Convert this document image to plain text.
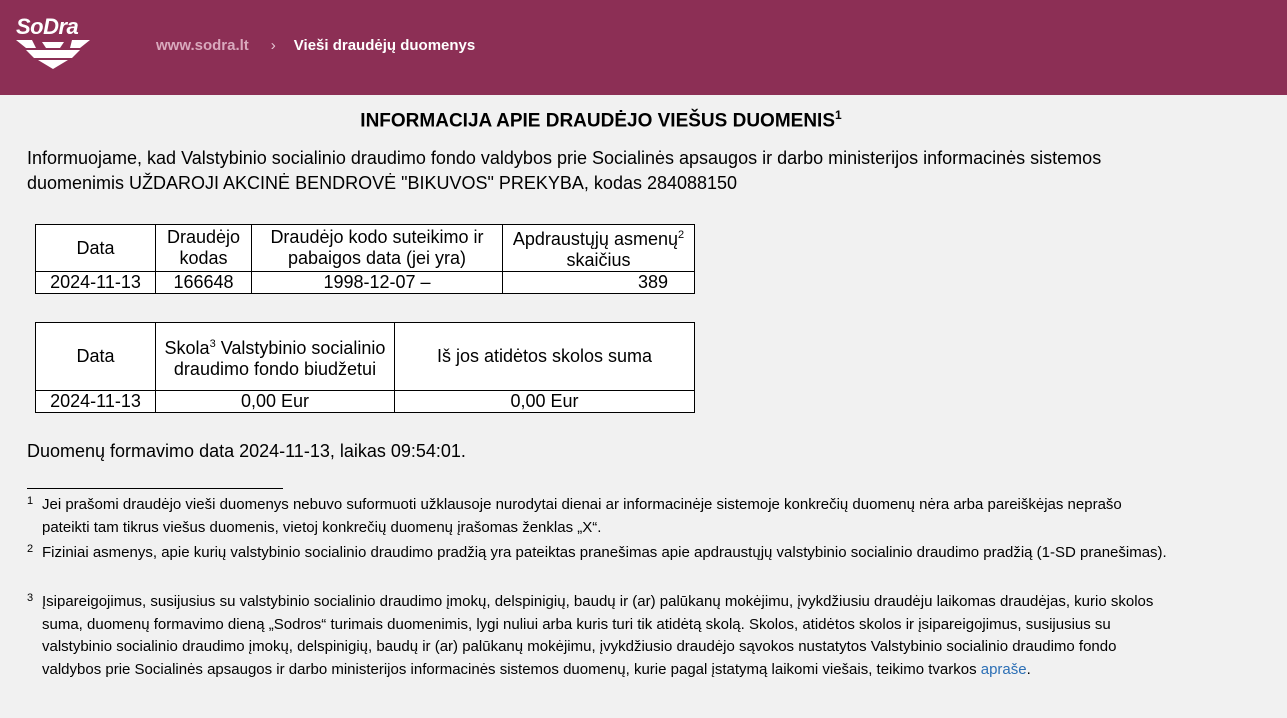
SoDra
www.sodra.lt › Vieši draudėjų duomenys
INFORMACIJA APIE DRAUDĖJO VIEŠUS DUOMENIS$^1$
Informuojame, kad Valstybinio socialinio draudimo fondo valdybos prie Socialinės apsaugos ir darbo ministerijos informacinės sistemos duomenimis UŽDAROJI AKCINĖ BENDROVĖ "BIKUVOS" PREKYBA, kodas 284088150
Data	Draudėjo kodas	Draudėjo kodo suteikimo ir pabaigos data (jei yra)	Apdraustųjų asmenų$^2$ skaičius
2024-11-13	166648	1998-12-07 –	389
Data	Skola$^3$ Valstybinio socialinio draudimo fondo biudžetui	Iš jos atidėtos skolos suma
2024-11-13	0,00 Eur	0,00 Eur
Duomenų formavimo data 2024-11-13, laikas 09:54:01.
1 Jei prašomi draudėjo vieši duomenys nebuvo suformuoti užklausoje nurodytai dienai ar informacinėje sistemoje konkrečių duomenų nėra arba pareiškėjas neprašo pateikti tam tikrus viešus duomenis, vietoj konkrečių duomenų įrašomas ženklas „X“.
2 Fiziniai asmenys, apie kurių valstybinio socialinio draudimo pradžią yra pateiktas pranešimas apie apdraustųjų valstybinio socialinio draudimo pradžią (1-SD pranešimas).
3 Įsipareigojimus, susijusius su valstybinio socialinio draudimo įmokų, delspinigių, baudų ir (ar) palūkanų mokėjimu, įvykdžiusiu draudėju laikomas draudėjas, kurio skolos suma, duomenų formavimo dieną „Sodros“ turimais duomenimis, lygi nuliui arba kuris turi tik atidėtą skolą. Skolos, atidėtos skolos ir įsipareigojimus, susijusius su valstybinio socialinio draudimo įmokų, delspinigių, baudų ir (ar) palūkanų mokėjimu, įvykdžiusio draudėjo sąvokos nustatytos Valstybinio socialinio draudimo fondo valdybos prie Socialinės apsaugos ir darbo ministerijos informacinės sistemos duomenų, kurie pagal įstatymą laikomi viešais, teikimo tvarkos apraše.
